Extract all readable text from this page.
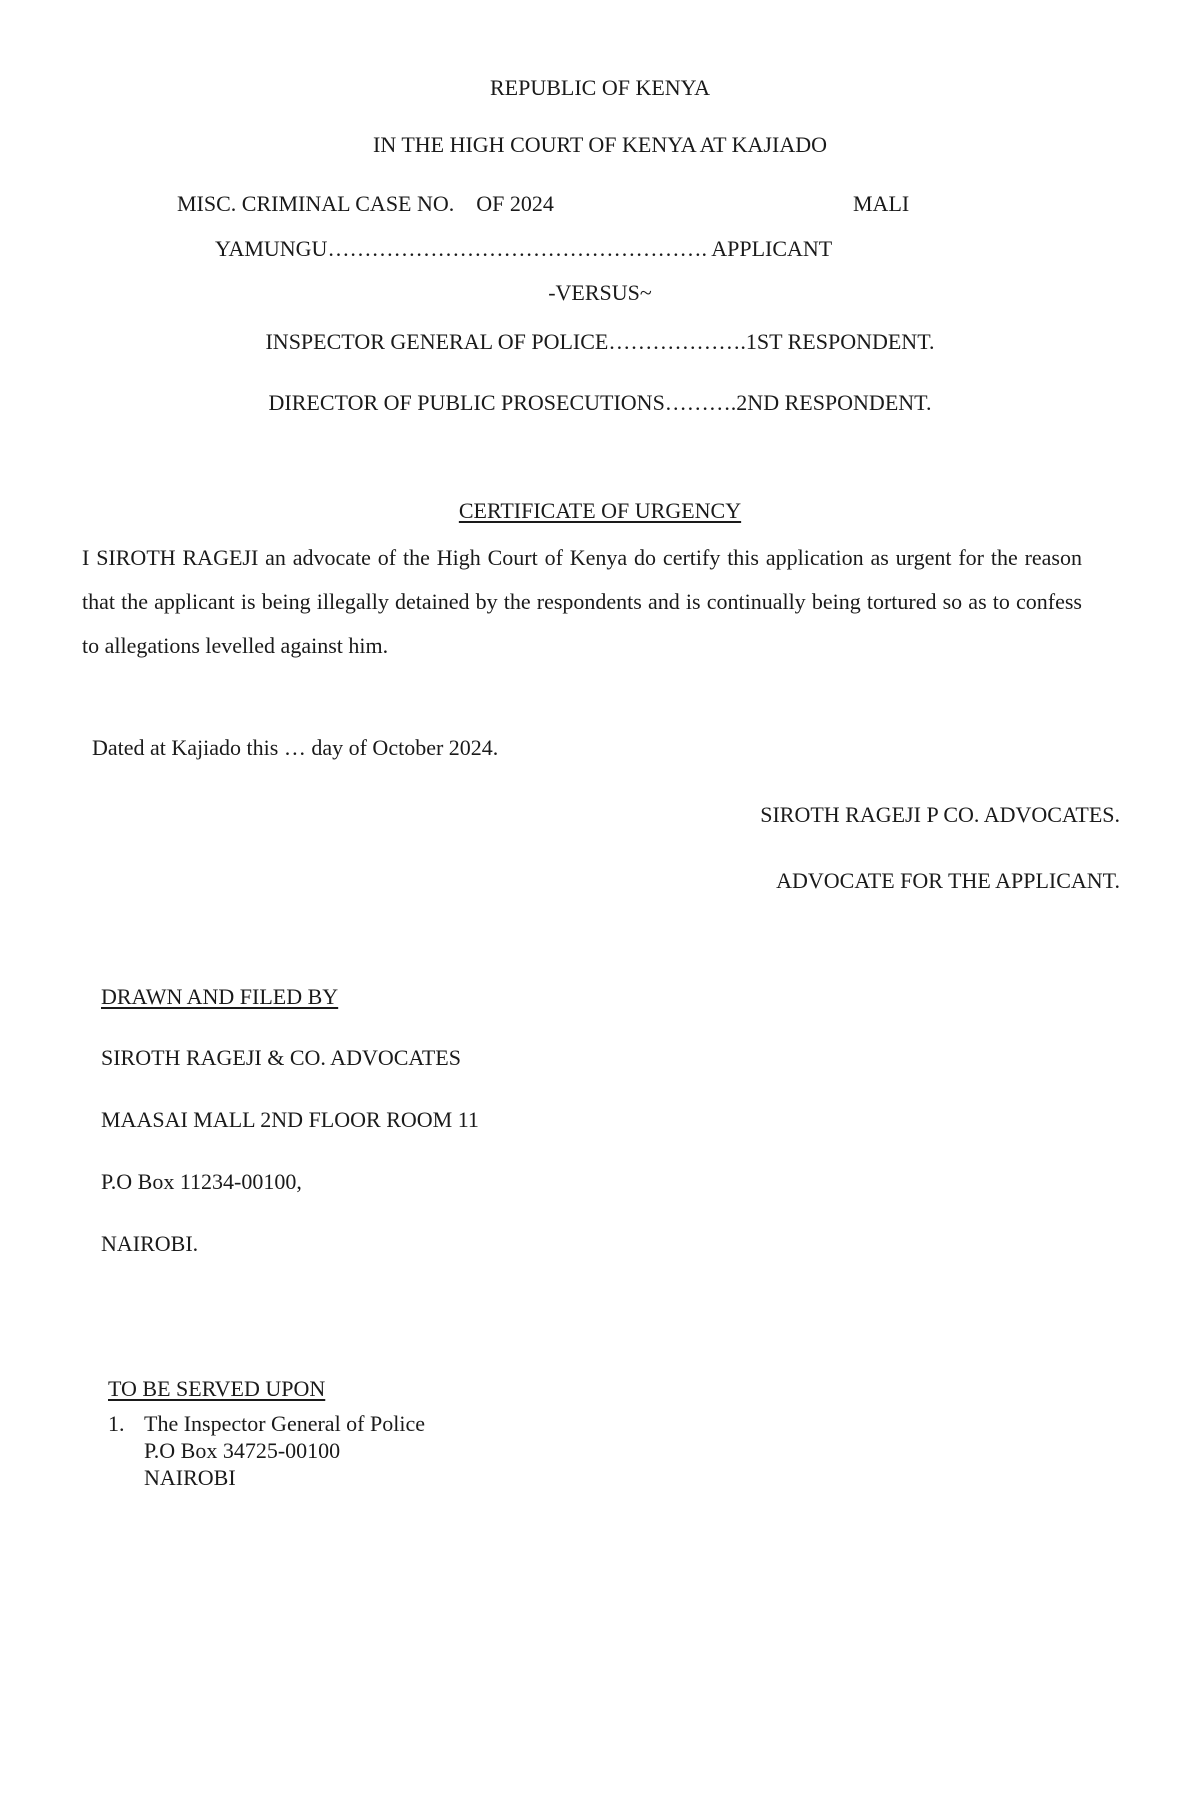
REPUBLIC OF KENYA
IN THE HIGH COURT OF KENYA AT KAJIADO
MISC. CRIMINAL CASE NO.    OF 2024	MALI
YAMUNGU……………………………………………. APPLICANT
-VERSUS~
INSPECTOR GENERAL OF POLICE……………….1ST RESPONDENT.
DIRECTOR OF PUBLIC PROSECUTIONS……….2ND RESPONDENT.
CERTIFICATE OF URGENCY
I SIROTH RAGEJI an advocate of the High Court of Kenya do certify this application as urgent for the reason that the applicant is being illegally detained by the respondents and is continually being tortured so as to confess to allegations levelled against him.
Dated at Kajiado this … day of October 2024.
SIROTH RAGEJI P CO. ADVOCATES.
ADVOCATE FOR THE APPLICANT.
DRAWN AND FILED BY
SIROTH RAGEJI & CO. ADVOCATES
MAASAI MALL 2ND FLOOR ROOM 11
P.O Box 11234-00100,
NAIROBI.
TO BE SERVED UPON
1. The Inspector General of Police
P.O Box 34725-00100
NAIROBI
